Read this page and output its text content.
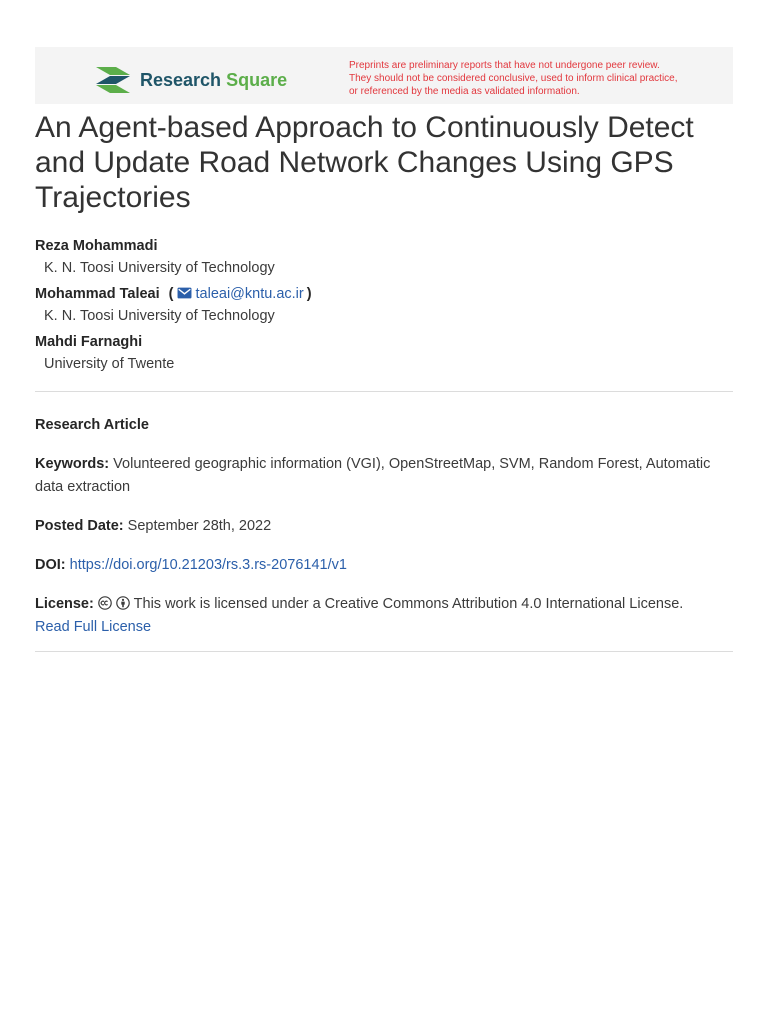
Research Square
Preprints are preliminary reports that have not undergone peer review.
They should not be considered conclusive, used to inform clinical practice,
or referenced by the media as validated information.
An Agent-based Approach to Continuously Detect and Update Road Network Changes Using GPS Trajectories
Reza Mohammadi
K. N. Toosi University of Technology
Mohammad Taleai ( taleai@kntu.ac.ir )
K. N. Toosi University of Technology
Mahdi Farnaghi
University of Twente

Research Article

Keywords: Volunteered geographic information (VGI), OpenStreetMap, SVM, Random Forest, Automatic data extraction

Posted Date: September 28th, 2022

DOI: https://doi.org/10.21203/rs.3.rs-2076141/v1

License:	This work is licensed under a Creative Commons Attribution 4.0 International License.
Read Full License
